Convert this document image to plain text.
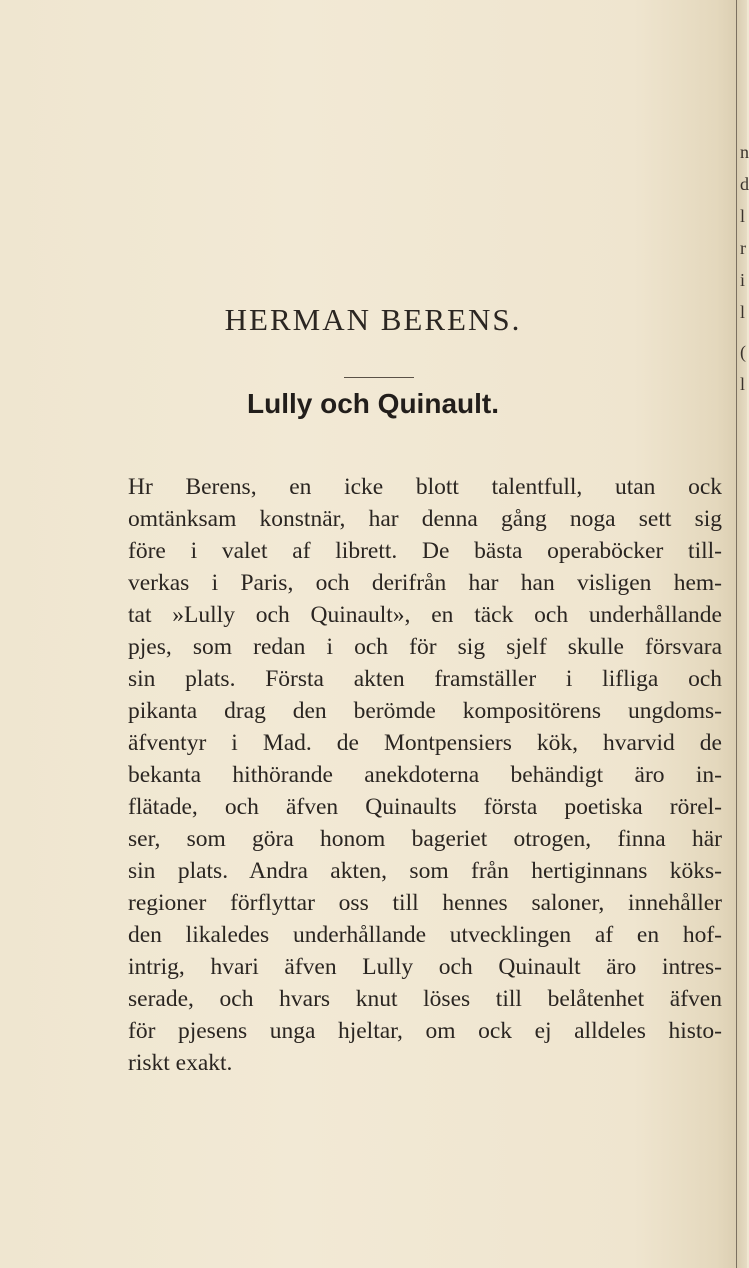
HERMAN BERENS.
Lully och Quinault.
Hr Berens, en icke blott talentfull, utan ock
omtänksam konstnär, har denna gång noga sett sig
före i valet af librett. De bästa operaböcker till-
verkas i Paris, och derifrån har han visligen hem-
tat »Lully och Quinault», en täck och underhållande
pjes, som redan i och för sig sjelf skulle försvara
sin plats. Första akten framställer i lifliga och
pikanta drag den berömde kompositörens ungdoms-
äfventyr i Mad. de Montpensiers kök, hvarvid de
bekanta hithörande anekdoterna behändigt äro in-
flätade, och äfven Quinaults första poetiska rörel-
ser, som göra honom bageriet otrogen, finna här
sin plats. Andra akten, som från hertiginnans köks-
regioner förflyttar oss till hennes saloner, innehåller
den likaledes underhållande utvecklingen af en hof-
intrig, hvari äfven Lully och Quinault äro intres-
serade, och hvars knut löses till belåtenhet äfven
för pjesens unga hjeltar, om ock ej alldeles histo-
riskt exakt.
n
d
l
r
i
l
(
l
